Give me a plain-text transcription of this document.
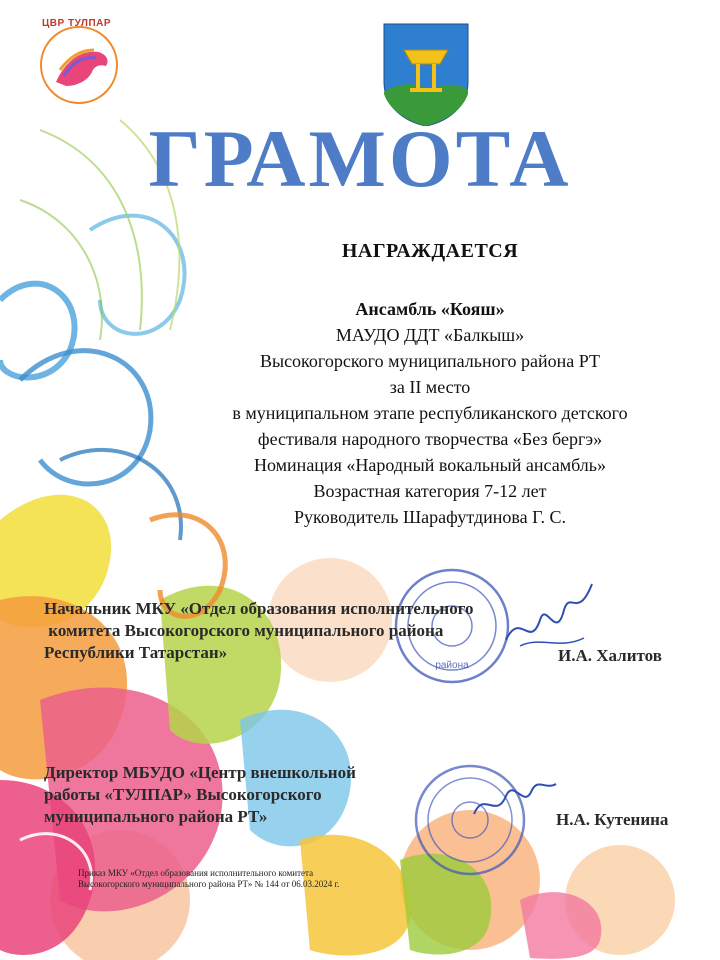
ЦВР ТУЛПАР
ГРАМОТА
НАГРАЖДАЕТСЯ
Ансамбль «Кояш»
МАУДО ДДТ «Балкыш»
Высокогорского муниципального района РТ
за II место
в муниципальном этапе республиканского детского
фестиваля народного творчества «Без бергэ»
Номинация «Народный вокальный ансамбль»
Возрастная категория 7-12 лет
Руководитель Шарафутдинова Г. С.
района
Начальник МКУ «Отдел образования исполнительного
комитета Высокогорского муниципального района
Республики Татарстан»	И.А. Халитов
Директор МБУДО «Центр внешкольной
работы «ТУЛПАР» Высокогорского
муниципального района РТ»	Н.А. Кутенина
Приказ МКУ «Отдел образования исполнительного комитета
Высокогорского муниципального района РТ» № 144 от 06.03.2024 г.
